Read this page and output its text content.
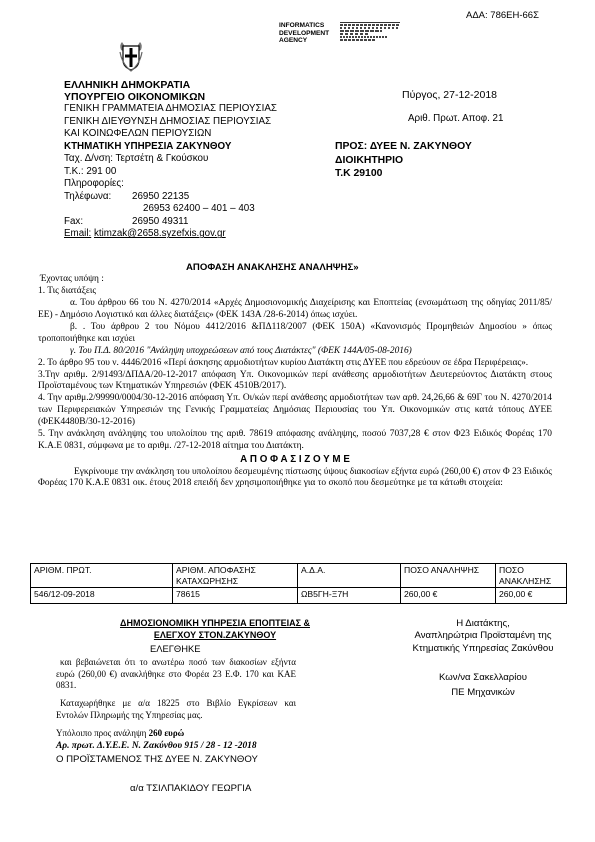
ΑΔΑ: 786ΕΗ-66Σ
INFORMATICS
DEVELOPMENT
AGENCY
ΕΛΛΗΝΙΚΗ ΔΗΜΟΚΡΑΤΙΑ
ΥΠΟΥΡΓΕΙΟ ΟΙΚΟΝΟΜΙΚΩΝ
ΓΕΝΙΚΗ ΓΡΑΜΜΑΤΕΙΑ ΔΗΜΟΣΙΑΣ ΠΕΡΙΟΥΣΙΑΣ
ΓΕΝΙΚΗ ΔΙΕΥΘΥΝΣΗ ΔΗΜΟΣΙΑΣ ΠΕΡΙΟΥΣΙΑΣ
ΚΑΙ ΚΟΙΝΩΦΕΛΩΝ ΠΕΡΙΟΥΣΙΩΝ
ΚΤΗΜΑΤΙΚΗ ΥΠΗΡΕΣΙΑ ΖΑΚΥΝΘΟΥ
Ταχ. Δ/νση: Τερτσέτη & Γκούσκου
Τ.Κ.: 291 00
Πληροφορίες:
Τηλέφωνα: 26950 22135
26953 62400 – 401 – 403
Fax:	26950 49311
Email: ktimzak@2658.syzefxis.gov.gr
Πύργος, 27-12-2018
Αριθ. Πρωτ. Αποφ. 21
ΠΡΟΣ: ΔΥΕΕ Ν. ΖΑΚΥΝΘΟΥ
ΔΙΟΙΚΗΤΗΡΙΟ
Τ.Κ 29100
ΑΠΟΦΑΣΗ ΑΝΑΚΛΗΣΗΣ ΑΝΑΛΗΨΗΣ»

Έχοντας υπόψη :

1. Τις διατάξεις

α. Του άρθρου 66 του Ν. 4270/2014 «Αρχές Δημοσιονομικής Διαχείρισης και Εποπτείας (ενσωμάτωση της οδηγίας 2011/85/ΕΕ) - Δημόσιο Λογιστικό και άλλες διατάξεις» (ΦΕΚ 143Α /28-6-2014) όπως ισχύει.

β. . Του άρθρου 2 του Νόμου 4412/2016 &ΠΔ118/2007 (ΦΕΚ 150Α) «Κανονισμός Προμηθειών Δημοσίου » όπως τροποποιήθηκε και ισχύει

γ. Του Π.Δ. 80/2016 "Ανάληψη υποχρεώσεων από τους Διατάκτες" (ΦΕΚ 144Α/05-08-2016)

2. Το άρθρο 95 του ν. 4446/2016 «Περί άσκησης αρμοδιοτήτων κυρίου Διατάκτη στις ΔΥΕΕ που εδρεύουν σε έδρα Περιφέρειας».

3.Την αριθμ. 2/91493/ΔΠΔΑ/20-12-2017 απόφαση Υπ. Οικονομικών περί ανάθεσης αρμοδιοτήτων Δευτερεύοντος Διατάκτη στους Προϊσταμένους των Κτηματικών Υπηρεσιών (ΦΕΚ 4510Β/2017).

4. Την αριθμ.2/99990/0004/30-12-2016 απόφαση Υπ. Οι/κών περί ανάθεσης αρμοδιοτήτων των αρθ. 24,26,66 & 69Γ του Ν. 4270/2014 των Περιφερειακών Υπηρεσιών της Γενικής Γραμματείας Δημόσιας Περιουσίας του Υπ. Οικονομικών στις κατά τόπους ΔΥΕΕ (ΦΕΚ4480Β/30-12-2016)

5. Την ανάκληση ανάληψης του υπολοίπου της αριθ. 78619 απόφασης ανάληψης, ποσού 7037,28 € στον Φ23 Ειδικός Φορέας 170 Κ.Α.Ε 0831, σύμφωνα με το αριθμ. /27-12-2018 αίτημα του Διατάκτη.

Α Π Ο Φ Α Σ Ι Ζ Ο Υ Μ Ε

Εγκρίνουμε την ανάκληση του υπολοίπου δεσμευμένης πίστωσης ύψους διακοσίων εξήντα ευρώ (260,00 €) στον Φ 23 Ειδικός Φορέας 170 Κ.Α.Ε 0831 οικ. έτους 2018 επειδή δεν χρησιμοποιήθηκε για το σκοπό που δεσμεύτηκε με τα κάτωθι στοιχεία:

ΑΡΙΘΜ. ΠΡΩΤ.	ΑΡΙΘΜ. ΑΠΟΦΑΣΗΣ ΚΑΤΑΧΩΡΗΣΗΣ	Α.Δ.Α.	ΠΟΣΟ ΑΝΑΛΗΨΗΣ	ΠΟΣΟ ΑΝΑΚΛΗΣΗΣ
546/12-09-2018	78615	ΩΒ5ΓΗ-Ξ7Η	260,00 €	260,00 €
ΔΗΜΟΣΙΟΝΟΜΙΚΗ ΥΠΗΡΕΣΙΑ ΕΠΟΠΤΕΙΑΣ &
ΕΛΕΓΧΟΥ ΣΤΟΝ.ΖΑΚΥΝΘΟΥ
ΕΛΕΓΘΗΚΕ
και βεβαιώνεται ότι το ανωτέρω ποσό των διακοσίων εξήντα ευρώ (260,00 €) ανακλήθηκε στο Φορέα 23 Ε.Φ. 170 και ΚΑΕ 0831.
Καταχωρήθηκε με α/α 18225 στο Βιβλίο Εγκρίσεων και Εντολών Πληρωμής της Υπηρεσίας μας.
Υπόλοιπο προς ανάληψη 260 ευρώ
Αρ. πρωτ. Δ.Υ.Ε.Ε. Ν. Ζακύνθου 915 / 28 - 12 -2018
Ο ΠΡΟΪΣΤΑΜΕΝΟΣ ΤΗΣ ΔΥΕΕ Ν. ΖΑΚΥΝΘΟΥ
α/α ΤΣΙΛΠΑΚΙΔΟΥ ΓΕΩΡΓΙΑ
Η Διατάκτης,
Αναπληρώτρια Προϊσταμένη της
Κτηματικής Υπηρεσίας Ζακύνθου
Κων/να Σακελλαρίου
ΠΕ Μηχανικών
